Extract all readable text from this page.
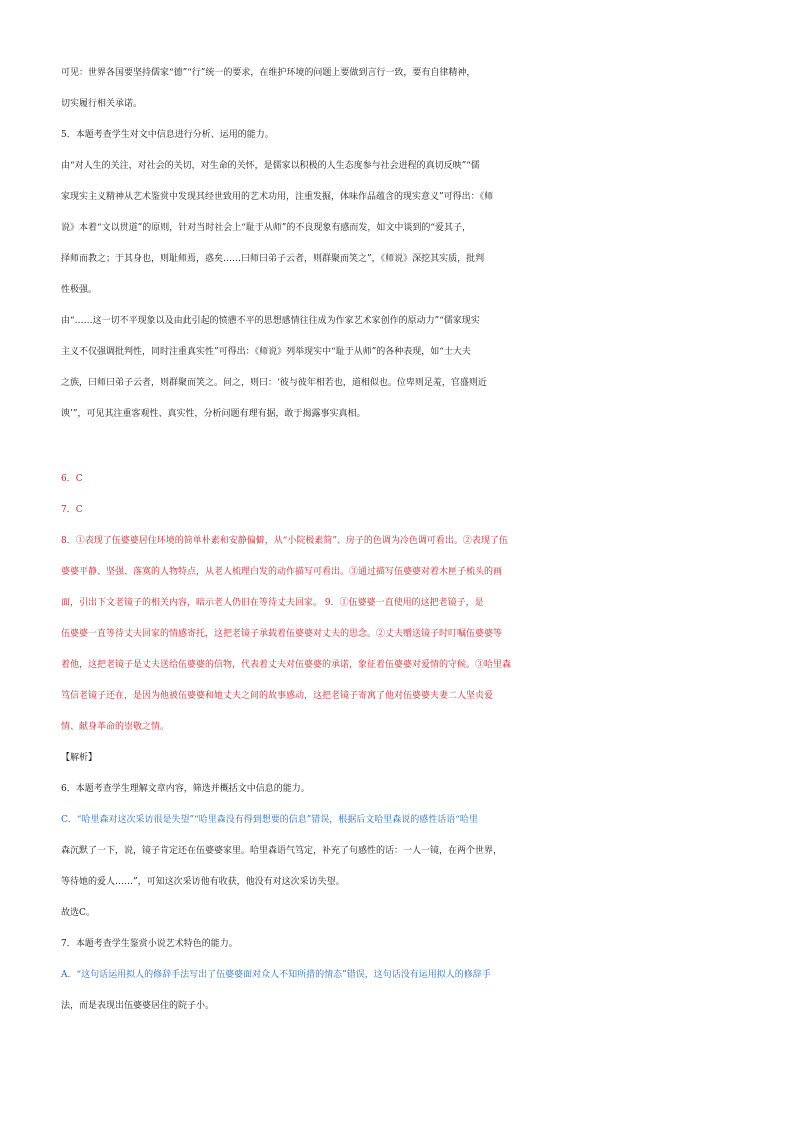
可见：世界各国要坚持儒家“德”“行”统一的要求，在维护环境的问题上要做到言行一致，要有自律精神，
切实履行相关承诺。
5．本题考查学生对文中信息进行分析、运用的能力。
由“对人生的关注，对社会的关切，对生命的关怀，是儒家以积极的人生态度参与社会进程的真切反映”“儒
家现实主义精神从艺术鉴赏中发现其经世致用的艺术功用，注重发掘，体味作品蕴含的现实意义”可得出：《师
说》本着“文以贯道”的原则，针对当时社会上“耻于从师”的不良现象有感而发，如文中谈到的“爱其子，
择师而教之；于其身也，则耻师焉，惑矣……曰师曰弟子云者，则群聚而笑之”，《师说》深挖其实质，批判
性极强。
由“……这一切不平现象以及由此引起的愤懑不平的思想感情往往成为作家艺术家创作的原动力”“儒家现实
主义不仅强调批判性，同时注重真实性”可得出：《师说》列举现实中“耻于从师”的各种表现，如“士大夫
之族，曰师曰弟子云者，则群聚而笑之。问之，则曰：‘彼与彼年相若也，道相似也。位卑则足羞，官盛则近
谀’”，可见其注重客观性、真实性，分析问题有理有据，敢于揭露事实真相。
6．C
7．C
8．①表现了伍婆婆居住环境的简单朴素和安静偏僻，从“小院极素简”、房子的色调为冷色调可看出。②表现了伍
婆婆平静、坚强、落寞的人物特点，从老人梳理白发的动作描写可看出。③通过描写伍婆婆对着木匣子梳头的画
面，引出下文老镜子的相关内容，暗示老人仍旧在等待丈夫回家。 9．①伍婆婆一直使用的这把老镜子，是
伍婆婆一直等待丈夫回家的情感寄托，这把老镜子承载着伍婆婆对丈夫的思念。②丈夫赠送镜子时叮嘱伍婆婆等
着他，这把老镜子是丈夫送给伍婆婆的信物，代表着丈夫对伍婆婆的承诺，象征着伍婆婆对爱情的守候。③哈里森
笃信老镜子还在，是因为他被伍婆婆和她丈夫之间的故事感动，这把老镜子寄寓了他对伍婆婆夫妻二人坚贞爱
情、献身革命的崇敬之情。
【解析】
6．本题考查学生理解文章内容，筛选并概括文中信息的能力。
C．“哈里森对这次采访很是失望”“哈里森没有得到想要的信息”错误，根据后文哈里森说的感性话语“哈里
森沉默了一下，说，镜子肯定还在伍婆婆家里。哈里森语气笃定，补充了句感性的话：一人一镜，在两个世界，
等待她的爱人……”，可知这次采访他有收获，他没有对这次采访失望。
故选C。
7．本题考查学生鉴赏小说艺术特色的能力。
A．“这句话运用拟人的修辞手法写出了伍婆婆面对众人不知所措的情态”错误，这句话没有运用拟人的修辞手
法，而是表现出伍婆婆居住的院子小。
